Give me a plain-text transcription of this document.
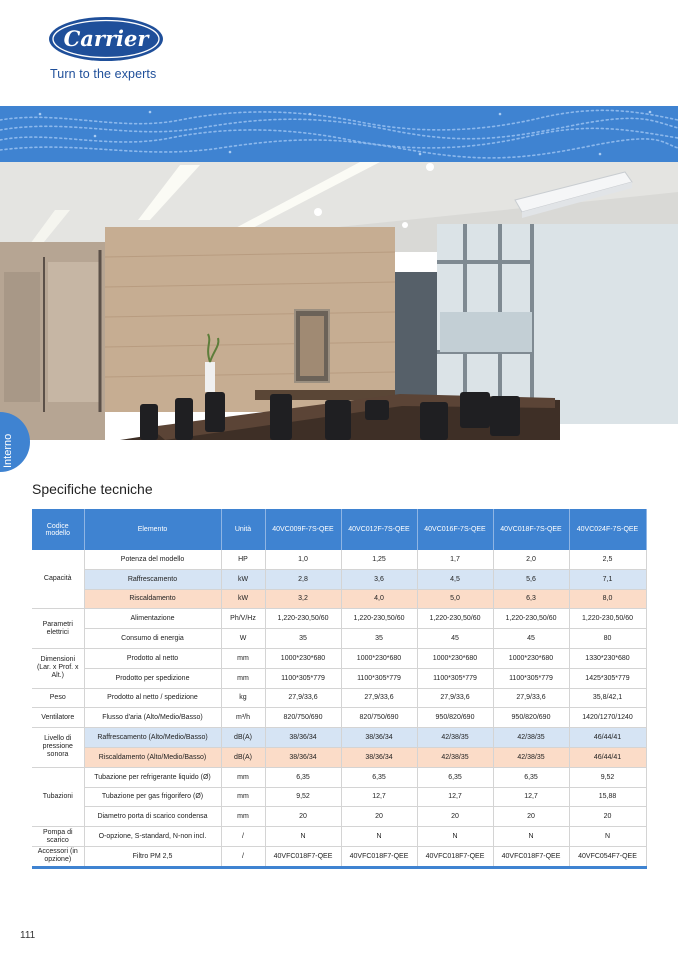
Carrier
Turn to the experts
Interno
Specifiche tecniche
Codice modello	Elemento	Unità	40VC009F-7S-QEE	40VC012F-7S-QEE	40VC016F-7S-QEE	40VC018F-7S-QEE	40VC024F-7S-QEE
Capacità	Potenza del modello	HP	1,0	1,25	1,7	2,0	2,5
	Raffrescamento	kW	2,8	3,6	4,5	5,6	7,1
	Riscaldamento	kW	3,2	4,0	5,0	6,3	8,0
Parametri elettrici	Alimentazione	Ph/V/Hz	1,220-230,50/60	1,220-230,50/60	1,220-230,50/60	1,220-230,50/60	1,220-230,50/60
	Consumo di energia	W	35	35	45	45	80
Dimensioni (Lar. x Prof. x Alt.)	Prodotto al netto	mm	1000*230*680	1000*230*680	1000*230*680	1000*230*680	1330*230*680
	Prodotto per spedizione	mm	1100*305*779	1100*305*779	1100*305*779	1100*305*779	1425*305*779
Peso	Prodotto al netto / spedizione	kg	27,9/33,6	27,9/33,6	27,9/33,6	27,9/33,6	35,8/42,1
Ventilatore	Flusso d'aria (Alto/Medio/Basso)	m³/h	820/750/690	820/750/690	950/820/690	950/820/690	1420/1270/1240
Livello di pressione sonora	Raffrescamento (Alto/Medio/Basso)	dB(A)	38/36/34	38/36/34	42/38/35	42/38/35	46/44/41
	Riscaldamento (Alto/Medio/Basso)	dB(A)	38/36/34	38/36/34	42/38/35	42/38/35	46/44/41
Tubazioni	Tubazione per refrigerante liquido (Ø)	mm	6,35	6,35	6,35	6,35	9,52
	Tubazione per gas frigorifero (Ø)	mm	9,52	12,7	12,7	12,7	15,88
	Diametro porta di scarico condensa	mm	20	20	20	20	20
Pompa di scarico	O-opzione, S-standard, N-non incl.	/	N	N	N	N	N
Accessori (in opzione)	Filtro PM 2,5	/	40VFC018F7-QEE	40VFC018F7-QEE	40VFC018F7-QEE	40VFC018F7-QEE	40VFC054F7-QEE
111
